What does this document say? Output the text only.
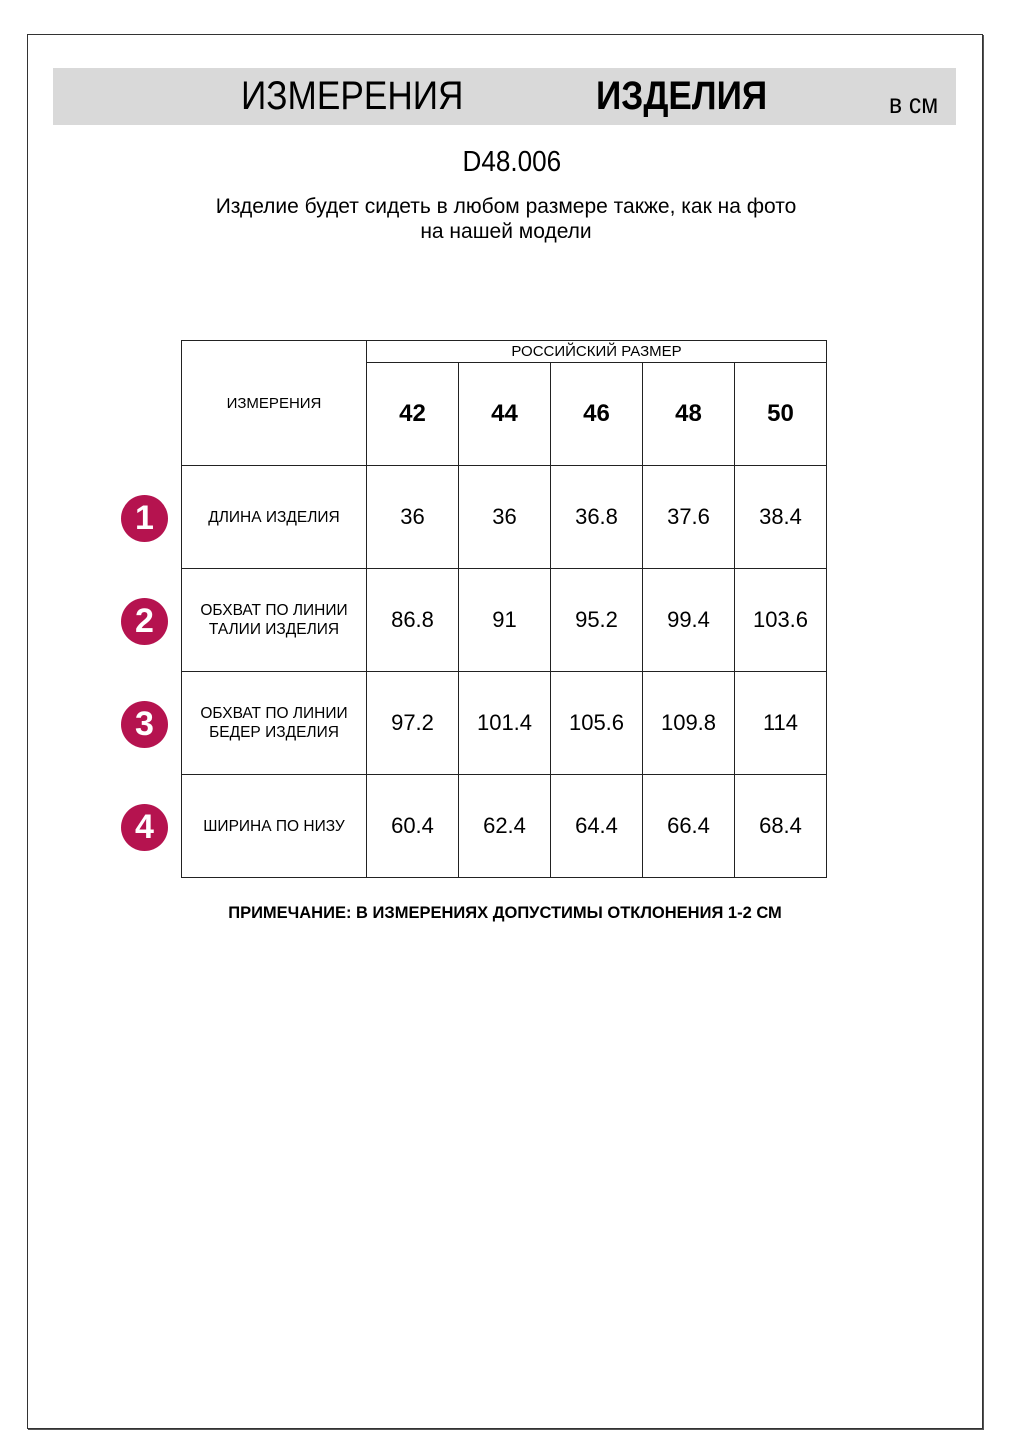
ИЗМЕРЕНИЯ	ИЗДЕЛИЯ	в см
D48.006
Изделие будет сидеть в любом размере также, как на фото
на нашей модели
ИЗМЕРЕНИЯ	РОССИЙСКИЙ РАЗМЕР				
	42	44	46	48	50
ДЛИНА ИЗДЕЛИЯ	36	36	36.8	37.6	38.4
ОБХВАТ ПО ЛИНИИ ТАЛИИ ИЗДЕЛИЯ	86.8	91	95.2	99.4	103.6
ОБХВАТ ПО ЛИНИИ БЕДЕР ИЗДЕЛИЯ	97.2	101.4	105.6	109.8	114
ШИРИНА ПО НИЗУ	60.4	62.4	64.4	66.4	68.4
1
2
3
4
ПРИМЕЧАНИЕ: В ИЗМЕРЕНИЯХ ДОПУСТИМЫ ОТКЛОНЕНИЯ 1-2 СМ
